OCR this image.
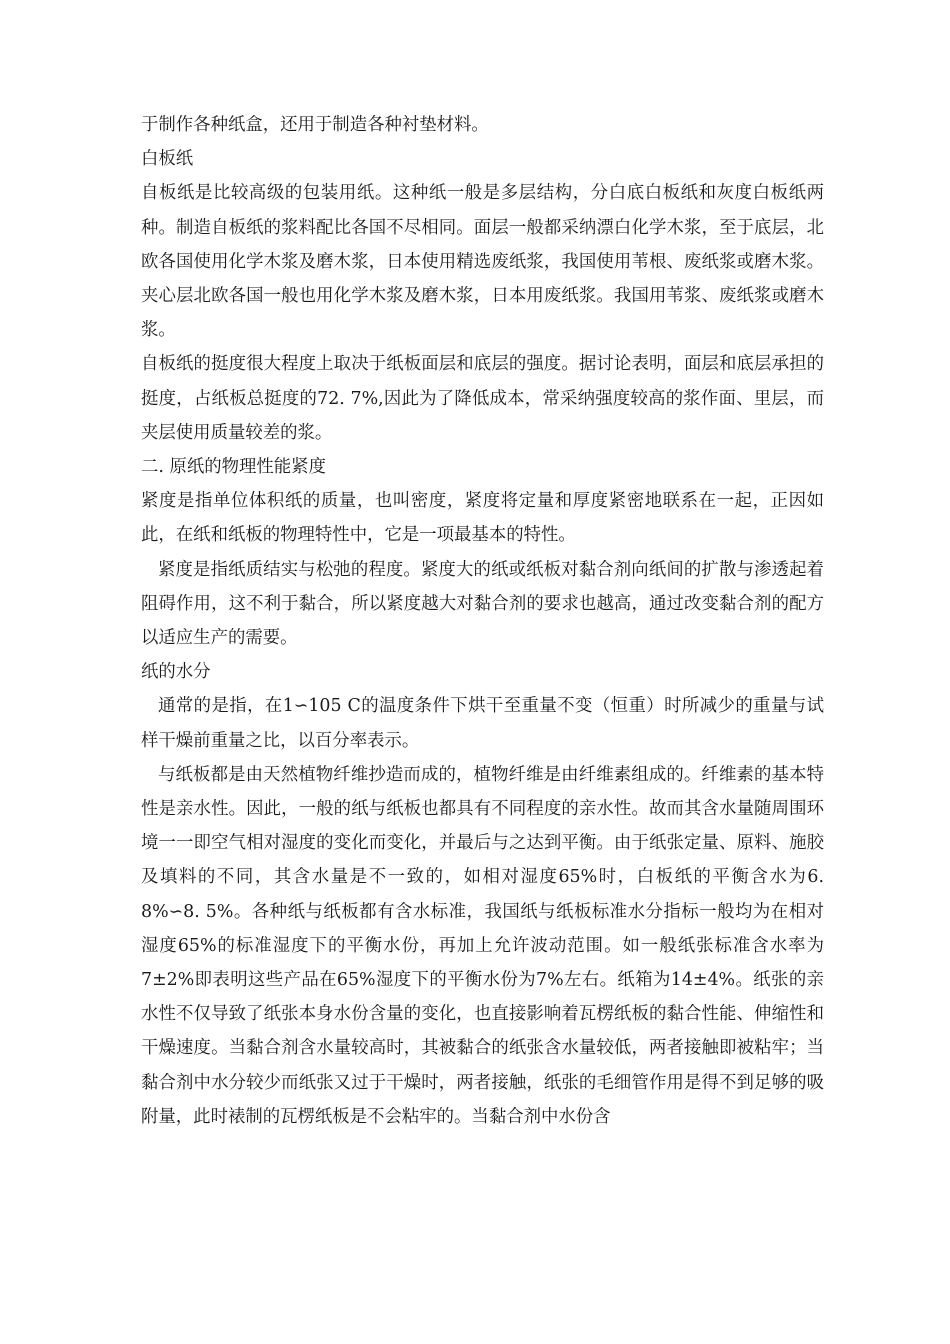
于制作各种纸盒，还用于制造各种衬垫材料。

白板纸

自板纸是比较高级的包装用纸。这种纸一般是多层结构，分白底白板纸和灰度白板纸两种。制造自板纸的浆料配比各国不尽相同。面层一般都采纳漂白化学木浆，至于底层，北欧各国使用化学木浆及磨木浆，日本使用精选废纸浆，我国使用苇根、废纸浆或磨木浆。夹心层北欧各国一般也用化学木浆及磨木浆，日本用废纸浆。我国用苇浆、废纸浆或磨木浆。

自板纸的挺度很大程度上取决于纸板面层和底层的强度。据讨论表明，面层和底层承担的挺度，占纸板总挺度的72. 7%,因此为了降低成本，常采纳强度较高的浆作面、里层，而夹层使用质量较差的浆。

二. 原纸的物理性能紧度

紧度是指单位体积纸的质量，也叫密度，紧度将定量和厚度紧密地联系在一起，正因如此，在纸和纸板的物理特性中，它是一项最基本的特性。

紧度是指纸质结实与松弛的程度。紧度大的纸或纸板对黏合剂向纸间的扩散与渗透起着阻碍作用，这不利于黏合，所以紧度越大对黏合剂的要求也越高，通过改变黏合剂的配方以适应生产的需要。

纸的水分

通常的是指，在1∽105 C的温度条件下烘干至重量不变（恒重）时所减少的重量与试样干燥前重量之比，以百分率表示。

与纸板都是由天然植物纤维抄造而成的，植物纤维是由纤维素组成的。纤维素的基本特性是亲水性。因此，一般的纸与纸板也都具有不同程度的亲水性。故而其含水量随周围环境一一即空气相对湿度的变化而变化，并最后与之达到平衡。由于纸张定量、原料、施胶及填料的不同，其含水量是不一致的，如相对湿度65%时，白板纸的平衡含水为6. 8%∽8. 5%。各种纸与纸板都有含水标准，我国纸与纸板标准水分指标一般均为在相对湿度65%的标准湿度下的平衡水份，再加上允许波动范围。如一般纸张标准含水率为7±2%即表明这些产品在65%湿度下的平衡水份为7%左右。纸箱为14±4%。纸张的亲水性不仅导致了纸张本身水份含量的变化，也直接影响着瓦楞纸板的黏合性能、伸缩性和干燥速度。当黏合剂含水量较高时，其被黏合的纸张含水量较低，两者接触即被粘牢；当黏合剂中水分较少而纸张又过于干燥时，两者接触，纸张的毛细管作用是得不到足够的吸附量，此时裱制的瓦楞纸板是不会粘牢的。当黏合剂中水份含
